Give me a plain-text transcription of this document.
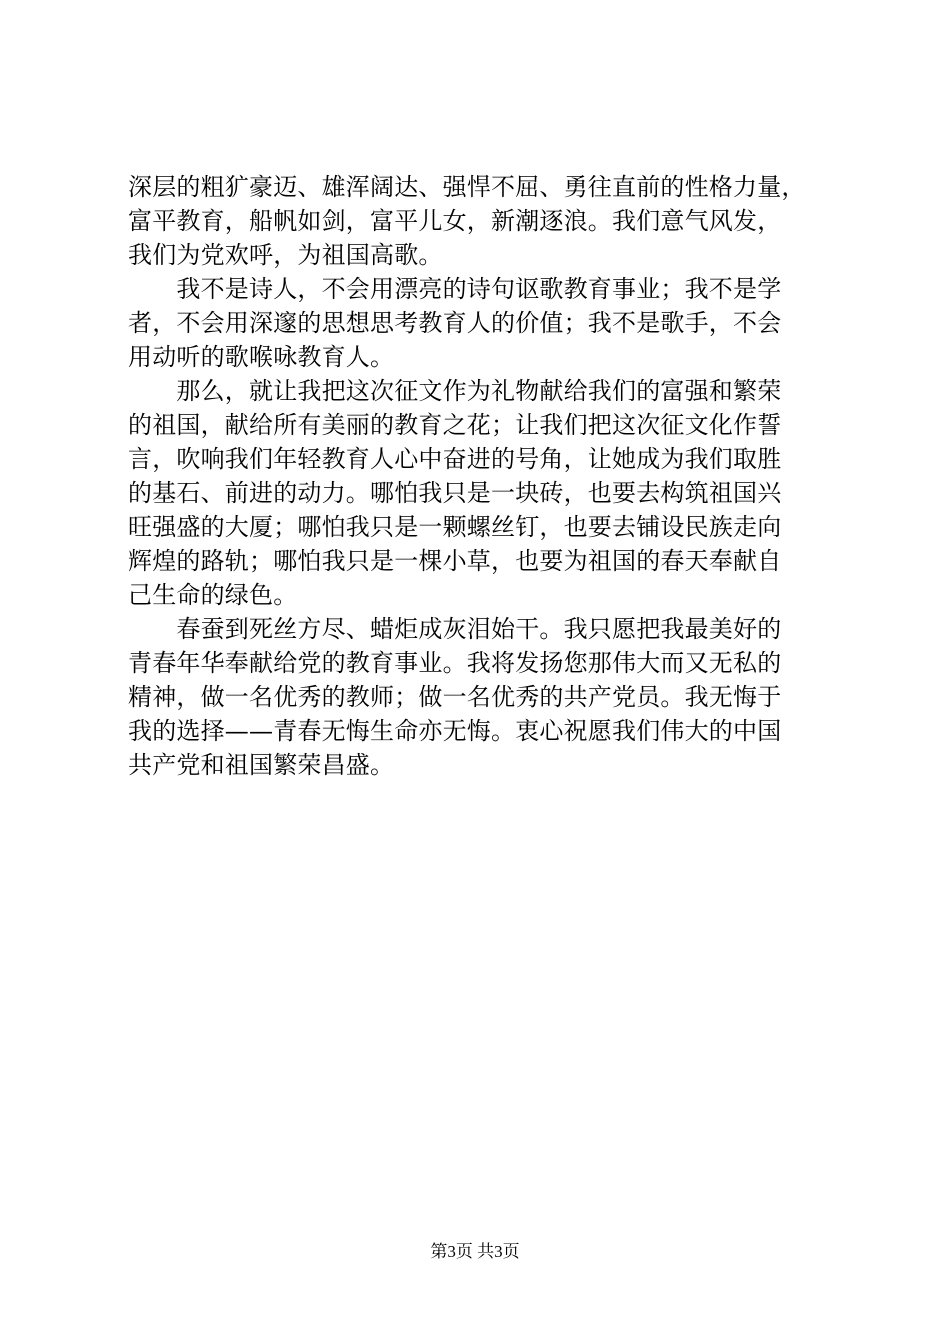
深层的粗犷豪迈、雄浑阔达、强悍不屈、勇往直前的性格力量，
富平教育，船帆如剑，富平儿女，新潮逐浪。我们意气风发，
我们为党欢呼，为祖国高歌。
　　我不是诗人，不会用漂亮的诗句讴歌教育事业；我不是学
者，不会用深邃的思想思考教育人的价值；我不是歌手，不会
用动听的歌喉咏教育人。
　　那么，就让我把这次征文作为礼物献给我们的富强和繁荣
的祖国，献给所有美丽的教育之花；让我们把这次征文化作誓
言，吹响我们年轻教育人心中奋进的号角，让她成为我们取胜
的基石、前进的动力。哪怕我只是一块砖，也要去构筑祖国兴
旺强盛的大厦；哪怕我只是一颗螺丝钉，也要去铺设民族走向
辉煌的路轨；哪怕我只是一棵小草，也要为祖国的春天奉献自
己生命的绿色。
　　春蚕到死丝方尽、蜡炬成灰泪始干。我只愿把我最美好的
青春年华奉献给党的教育事业。我将发扬您那伟大而又无私的
精神，做一名优秀的教师；做一名优秀的共产党员。我无悔于
我的选择——青春无悔生命亦无悔。衷心祝愿我们伟大的中国
共产党和祖国繁荣昌盛。
第3页 共3页
